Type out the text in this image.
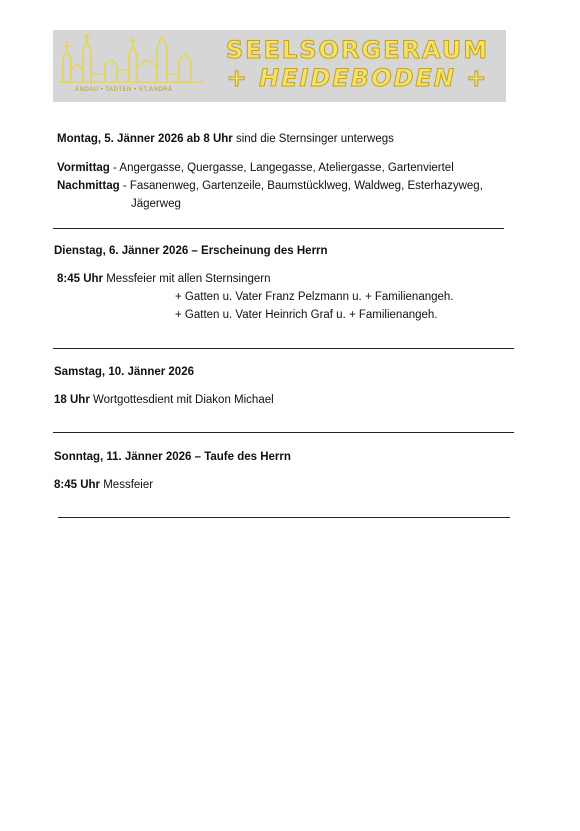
SEELSORGERAUM
+ HEIDEBODEN +
ANDAU • TADTEN • ST.ANDRÄ

Montag, 5. Jänner 2026 ab 8 Uhr sind die Sternsinger unterwegs

Vormittag - Angergasse, Quergasse, Langegasse, Ateliergasse, Gartenviertel

Nachmittag - Fasanenweg, Gartenzeile, Baumstücklweg, Waldweg, Esterhazyweg,

Jägerweg

Dienstag, 6. Jänner 2026 – Erscheinung des Herrn

8:45 Uhr Messfeier mit allen Sternsingern

+ Gatten u. Vater Franz Pelzmann u. + Familienangeh.

+ Gatten u. Vater Heinrich Graf u. + Familienangeh.

Samstag, 10. Jänner 2026

18 Uhr Wortgottesdient mit Diakon Michael

Sonntag, 11. Jänner 2026 – Taufe des Herrn

8:45 Uhr Messfeier
